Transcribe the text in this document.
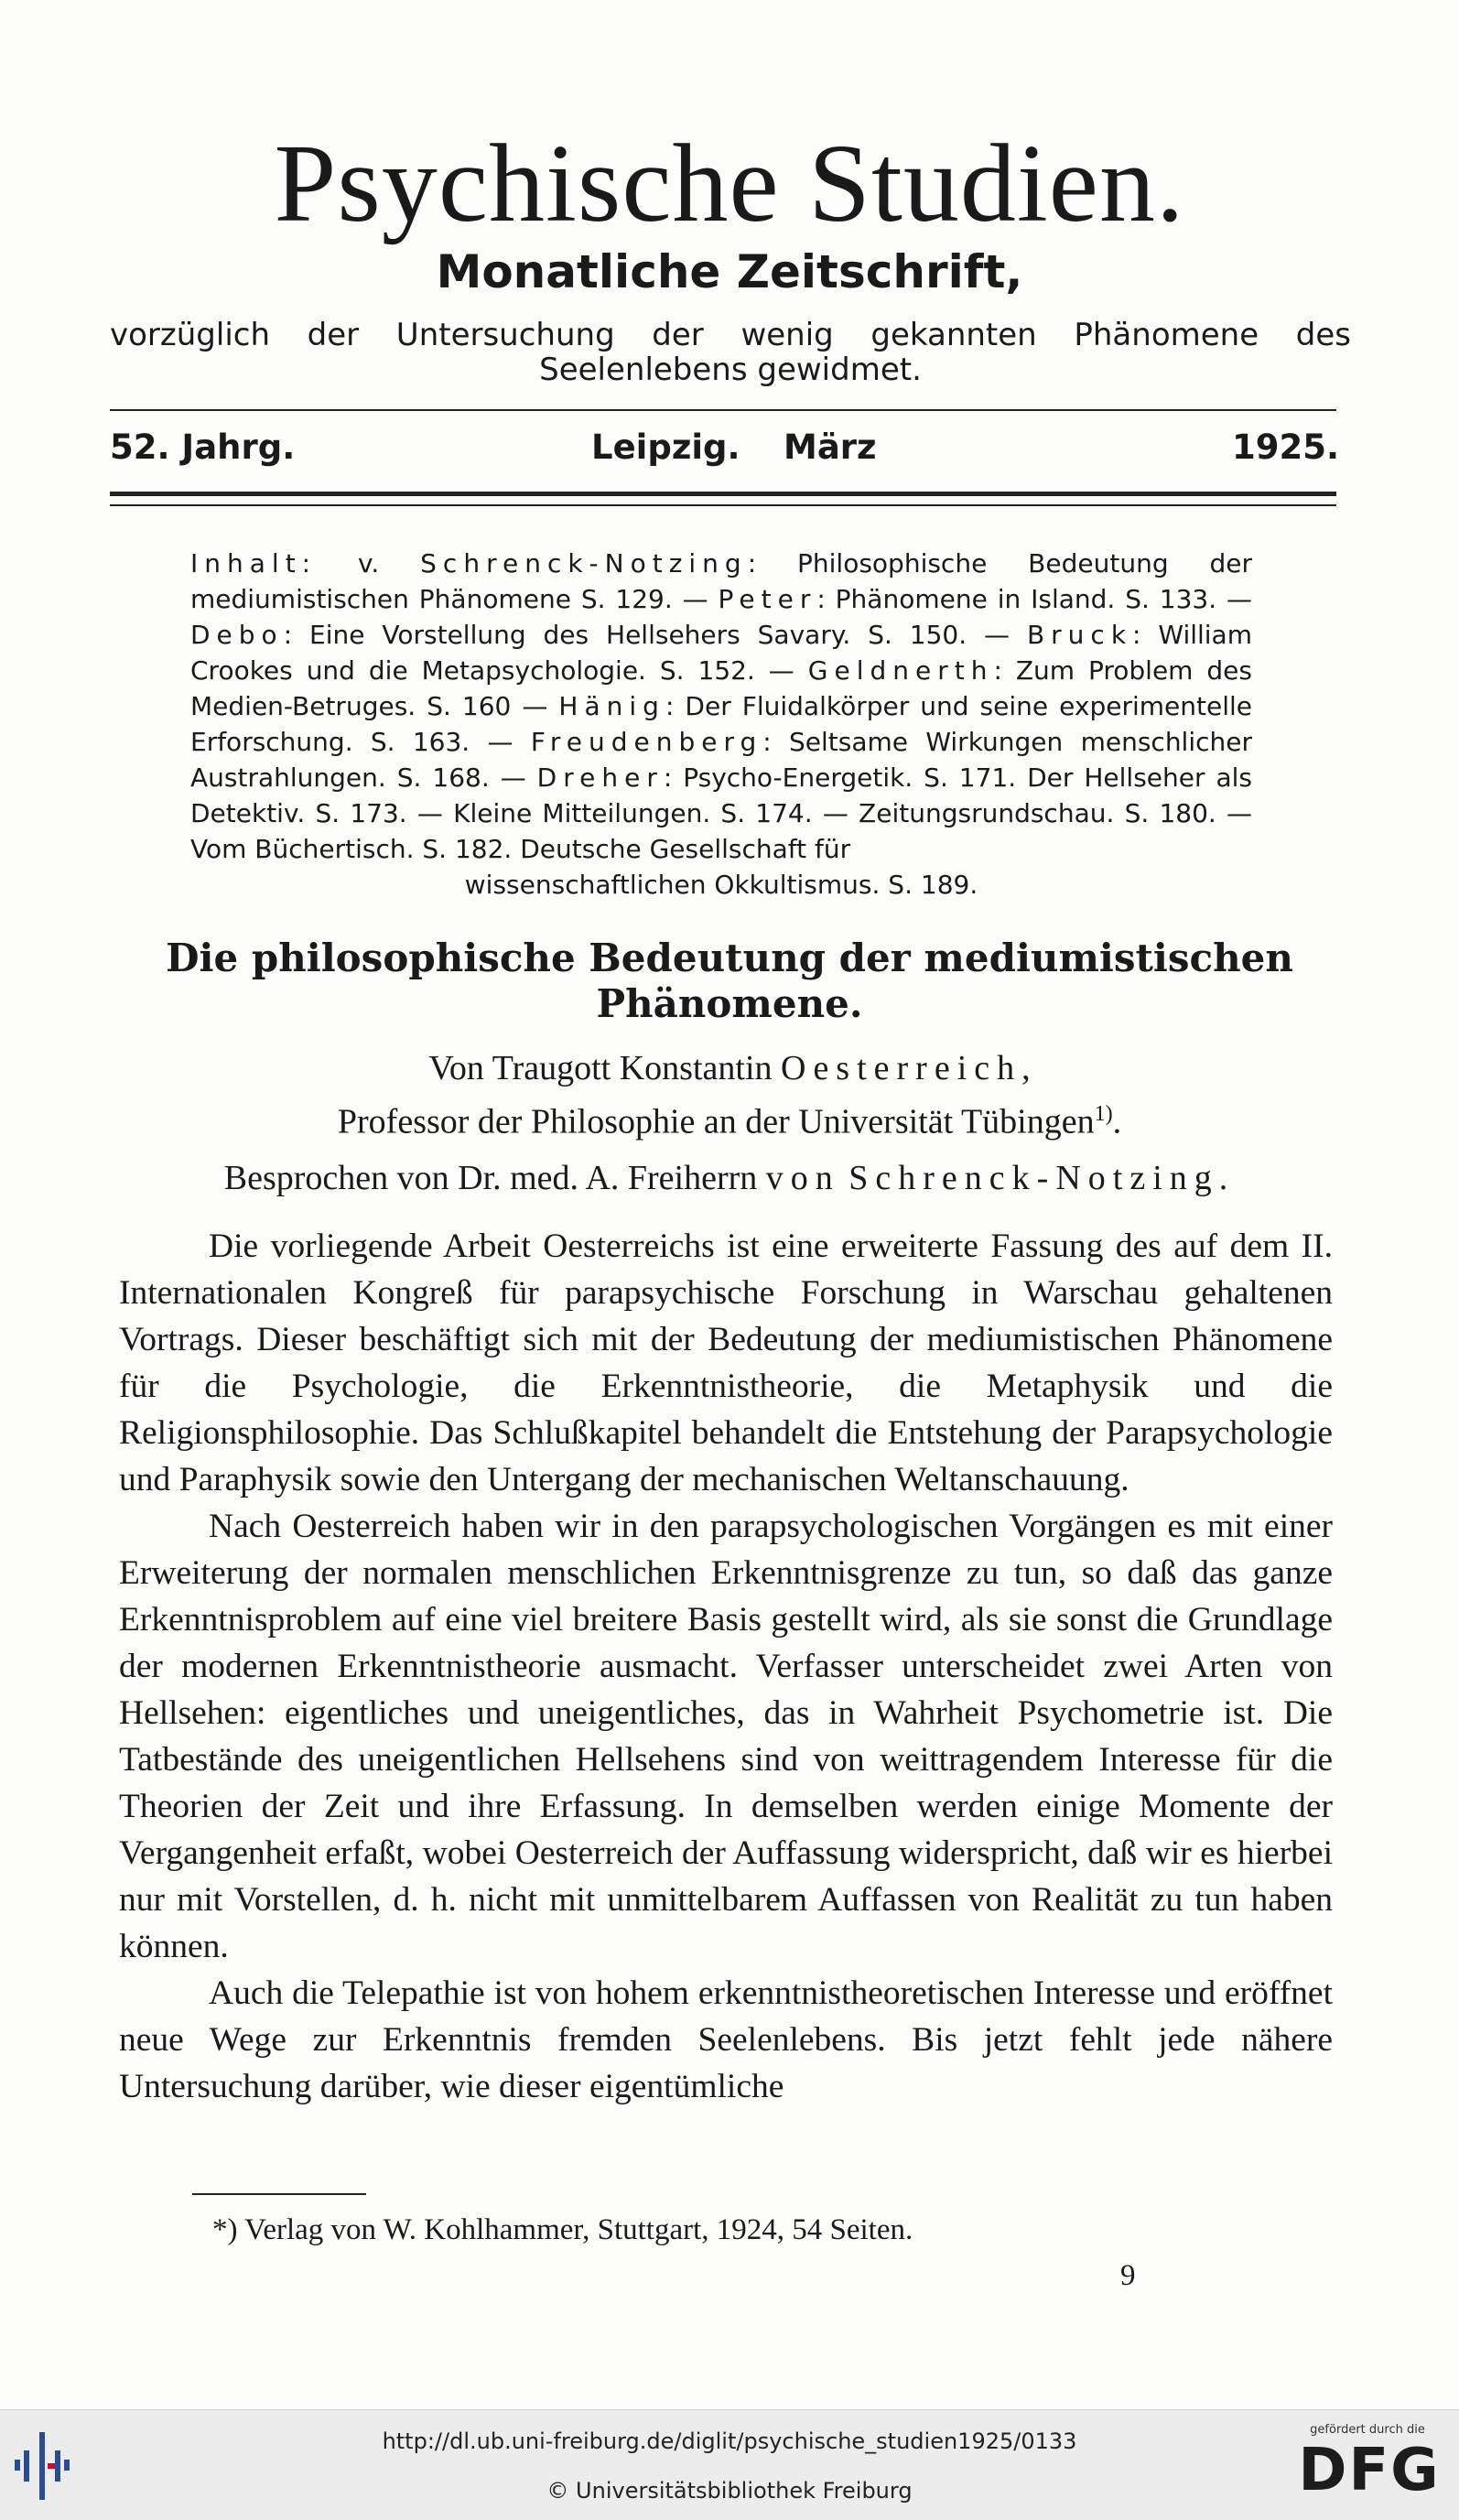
Psychische Studien.
Monatliche Zeitschrift,
vorzüglich der Untersuchung der wenig gekannten Phänomene des
Seelenlebens gewidmet.
52. Jahrg.	Leipzig. März	1925.
Inhalt: v. Schrenck-Notzing: Philosophische Bedeutung der mediumistischen Phänomene S. 129. — Peter: Phänomene in Island. S. 133. — Debo: Eine Vorstellung des Hellsehers Savary. S. 150. — Bruck: William Crookes und die Metapsychologie. S. 152. — Geldnerth: Zum Problem des Medien-Betruges. S. 160 — Hänig: Der Fluidalkörper und seine experimentelle Erforschung. S. 163. — Freudenberg: Seltsame Wirkungen menschlicher Austrahlungen. S. 168. — Dreher: Psycho-Energetik. S. 171. Der Hellseher als Detektiv. S. 173. — Kleine Mitteilungen. S. 174. — Zeitungsrundschau. S. 180. — Vom Büchertisch. S. 182. Deutsche Gesellschaft für
wissenschaftlichen Okkultismus. S. 189.
Die philosophische Bedeutung der mediumistischen
Phänomene.
Von Traugott Konstantin Oesterreich,
Professor der Philosophie an der Universität Tübingen$^{1)}$.
Besprochen von Dr. med. A. Freiherrn von Schrenck-Notzing.

Die vorliegende Arbeit Oesterreichs ist eine erweiterte Fassung des auf dem II. Internationalen Kongreß für parapsychische Forschung in Warschau gehaltenen Vortrags. Dieser beschäftigt sich mit der Bedeutung der mediumistischen Phänomene für die Psychologie, die Erkenntnistheorie, die Metaphysik und die Religionsphilosophie. Das Schlußkapitel behandelt die Entstehung der Parapsychologie und Paraphysik sowie den Untergang der mechanischen Weltanschauung.

Nach Oesterreich haben wir in den parapsychologischen Vorgängen es mit einer Erweiterung der normalen menschlichen Erkenntnisgrenze zu tun, so daß das ganze Erkenntnisproblem auf eine viel breitere Basis gestellt wird, als sie sonst die Grundlage der modernen Erkenntnistheorie ausmacht. Verfasser unterscheidet zwei Arten von Hellsehen: eigentliches und uneigentliches, das in Wahrheit Psychometrie ist. Die Tatbestände des uneigentlichen Hellsehens sind von weittragendem Interesse für die Theorien der Zeit und ihre Erfassung. In demselben werden einige Momente der Vergangenheit erfaßt, wobei Oesterreich der Auffassung widerspricht, daß wir es hierbei nur mit Vorstellen, d. h. nicht mit unmittelbarem Auffassen von Realität zu tun haben können.

Auch die Telepathie ist von hohem erkenntnistheoretischen Interesse und eröffnet neue Wege zur Erkenntnis fremden Seelenlebens. Bis jetzt fehlt jede nähere Untersuchung darüber, wie dieser eigentümliche

*) Verlag von W. Kohlhammer, Stuttgart, 1924, 54 Seiten.
9
http://dl.ub.uni-freiburg.de/diglit/psychische_studien1925/0133
© Universitätsbibliothek Freiburg
gefördert durch die
DFG
